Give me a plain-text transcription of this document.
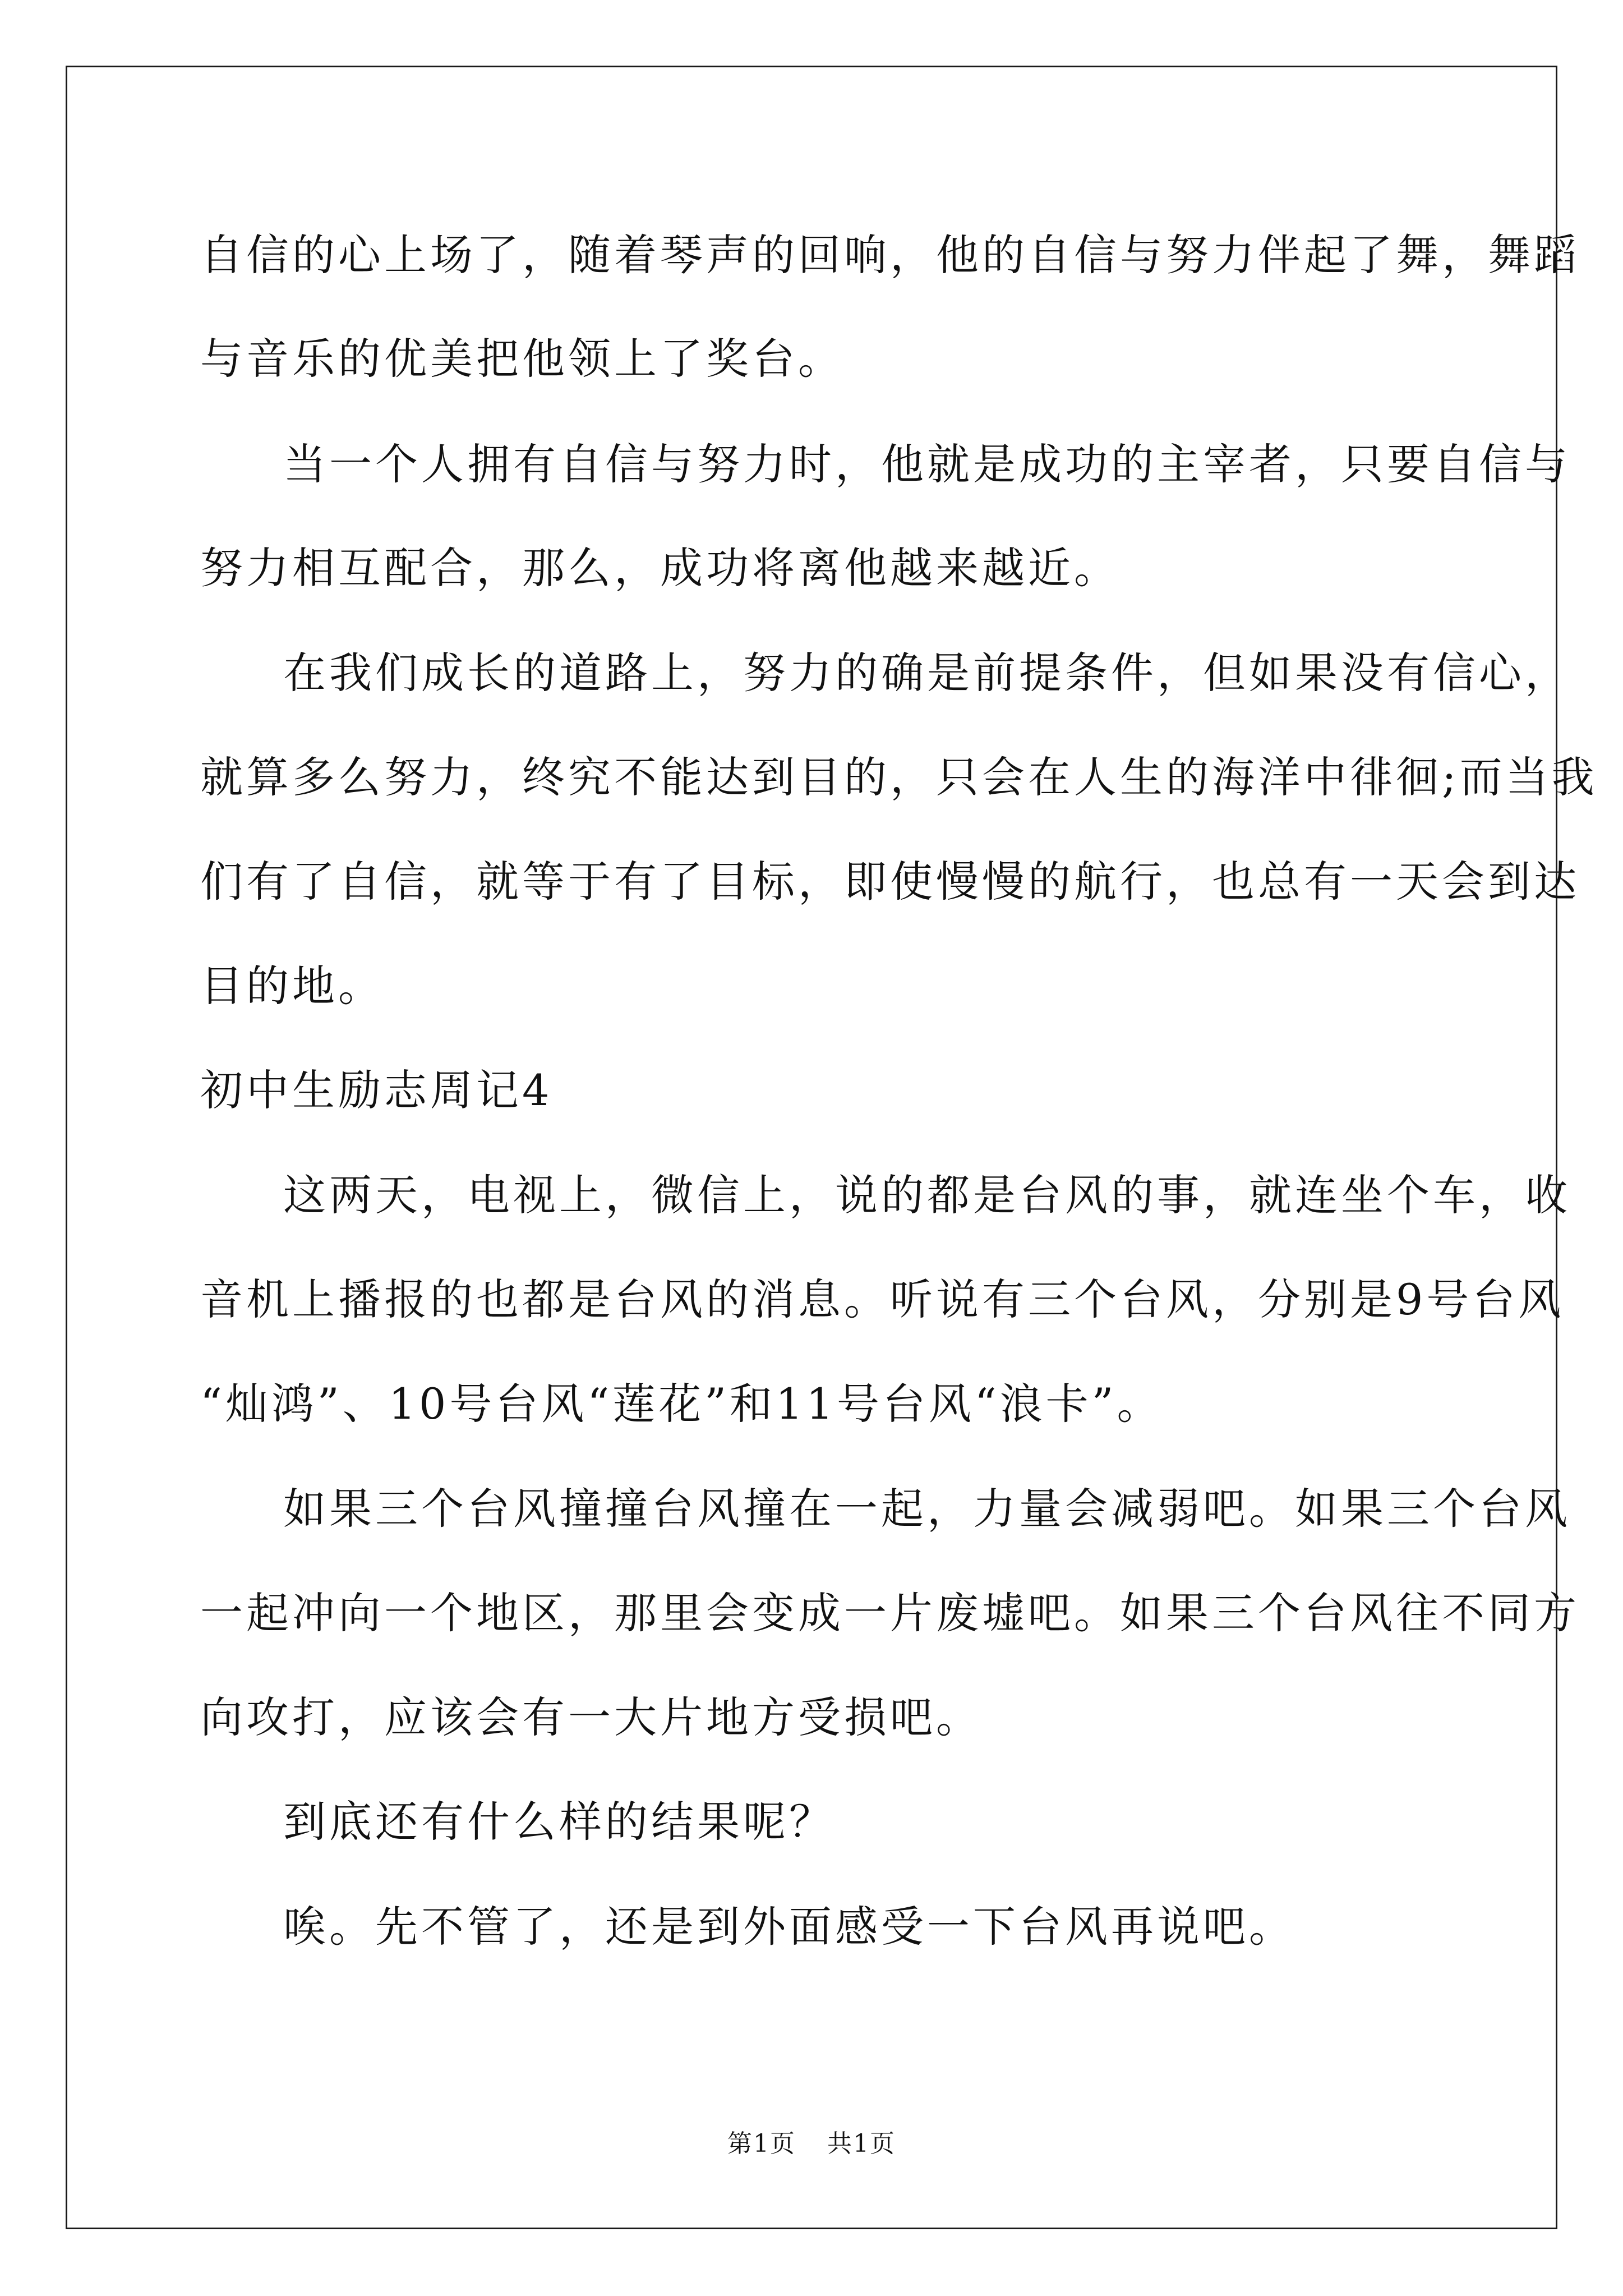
自信的心上场了，随着琴声的回响，他的自信与努力伴起了舞，舞蹈
与音乐的优美把他领上了奖台。
当一个人拥有自信与努力时，他就是成功的主宰者，只要自信与
努力相互配合，那么，成功将离他越来越近。
在我们成长的道路上，努力的确是前提条件，但如果没有信心，
就算多么努力，终究不能达到目的，只会在人生的海洋中徘徊;而当我
们有了自信，就等于有了目标，即使慢慢的航行，也总有一天会到达
目的地。
初中生励志周记4
这两天，电视上，微信上，说的都是台风的事，就连坐个车，收
音机上播报的也都是台风的消息。听说有三个台风，分别是9号台风
“灿鸿”、10号台风“莲花”和11号台风“浪卡”。
如果三个台风撞撞台风撞在一起，力量会减弱吧。如果三个台风
一起冲向一个地区，那里会变成一片废墟吧。如果三个台风往不同方
向攻打，应该会有一大片地方受损吧。
到底还有什么样的结果呢？
唉。先不管了，还是到外面感受一下台风再说吧。
第1页 共1页
